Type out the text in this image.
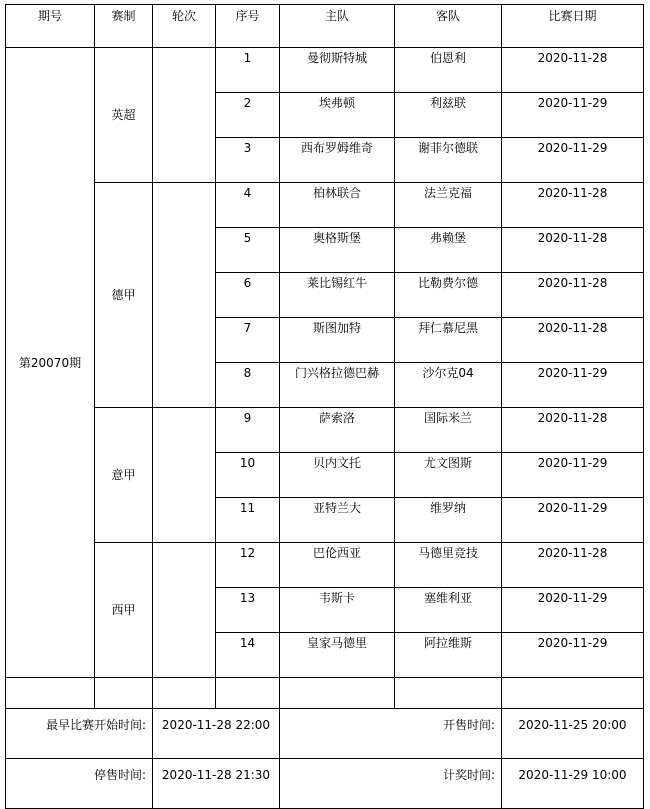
期号	赛制	轮次	序号	主队	客队	比赛日期
第20070期	英超		1	曼彻斯特城	伯恩利	2020-11-28
			2	埃弗顿	利兹联	2020-11-29
			3	西布罗姆维奇	谢菲尔德联	2020-11-29
	德甲		4	柏林联合	法兰克福	2020-11-28
			5	奥格斯堡	弗赖堡	2020-11-28
			6	莱比锡红牛	比勒费尔德	2020-11-28
			7	斯图加特	拜仁慕尼黑	2020-11-28
			8	门兴格拉德巴赫	沙尔克04	2020-11-29
	意甲		9	萨索洛	国际米兰	2020-11-28
			10	贝内文托	尤文图斯	2020-11-29
			11	亚特兰大	维罗纳	2020-11-29
	西甲		12	巴伦西亚	马德里竞技	2020-11-28
			13	韦斯卡	塞维利亚	2020-11-29
			14	皇家马德里	阿拉维斯	2020-11-29

最早比赛开始时间:		2020-11-28 22:00		开售时间:		2020-11-25 20:00
停售时间:		2020-11-28 21:30		计奖时间:		2020-11-29 10:00
